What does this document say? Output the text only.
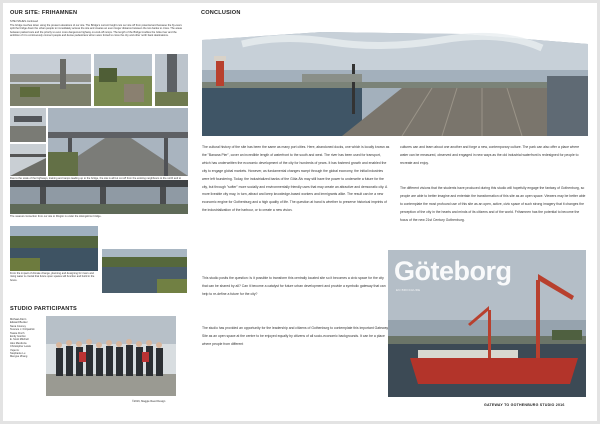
OUR SITE: FRIHAMNEN
SITE ISSUES continued
The bridge touches down using the present elevations of our site. The Bridge's current height cuts our site off from potential and because the fly-overs split the bridge down the urban people to immediately access the site and creates an even longer distance between the two banks to cross. The areas between parked cars and the priority to even more dangerous highway on-/exit-off ramps. The length of the Bridge troubles the Göta river and the ambition of it to continuously connect people and dense pedestrians whom were forced to cross the city and other north bank destinations.
Due to the scale of the highways, training and ramps leading up to the bridge, the site is all but cut off from the existing neighbours to the north and to
The nearest connection from our site to Ringön is under the Hisingsbron bridge.
From the impact of climate change, planning and designing for rivers and rising water is crucial that future open spaces will function and build in the future.
STUDIO PARTICIPANTS
Michael Altorn
Edward Becker
Nena Cooney
Terence J. Fitzpatrick
Tassie Finch
Emily Gordon
E. Scott Mitchell
Alex Mendoza
Christopher Lewis
Yapei Li
Stephanie Lu
Mengxe Zhang
©2016, Maggie Reed Design
CONCLUSION
The cultural history of the site has been the same as many port cities. Here, abandoned docks, one which is locally known as the "Banana Pier", cover an incredible length of waterfront to the south and west. The river has been used for transport, which has underwritten the economic development of the city for hundreds of years. It has fostered growth and enabled the city to engage global markets. However, as fundamental changes swept through the global economy, the initial industries were left foundering. Today, the industrialized banks of the Göta Älv may still have the power to underwrite a future for the city, but through "softer" more socially and environmentally friendly uses that may create an attractive and democratic city. A more liveable city may, in turn, attract and keep knowledge-based workers and immigrants alike. The result can be a new economic engine for Gothenburg and a high quality of life. The question at hand is whether to preserve historical imprints of the industrialization of the harbour, or to create a new vision.
This studio posits the question: Is it possible to transform this centrally located site so it becomes a civic space for the city that can be shared by all? Can it become a catalyst for future urban development and provide a symbolic gateway that can help to re-define a future for the city?
The studio has provided an opportunity for the leadership and citizens of Gothenburg to contemplate this important Gateway Site as an open space at the centre to be enjoyed equally by citizens of all socio-economic backgrounds. It can be a place where people from different
cultures can and learn about one another and forge a new, contemporary culture. The park can also offer a place where water can be measured, observed and engaged in new ways as the old industrial waterfront is redesigned for people to recreate and enjoy.
The different visions that the students have produced during this studio will hopefully engage the fantasy of Gothenburg, so people are able to better imagine and entertain the transformation of this site as an open space. Viewers may be better able to contemplate the most profound use of this site as an open, active, civic space of such strong imagery that it changes the perception of the city in the hearts and minds of its citizens and of the world. Frihamnen has the potential to become the focus of the new 21st Century Gothenburg.
Göteborg
EN BROCHURE
GATEWAY TO GOTHENBURG STUDIO 2016
